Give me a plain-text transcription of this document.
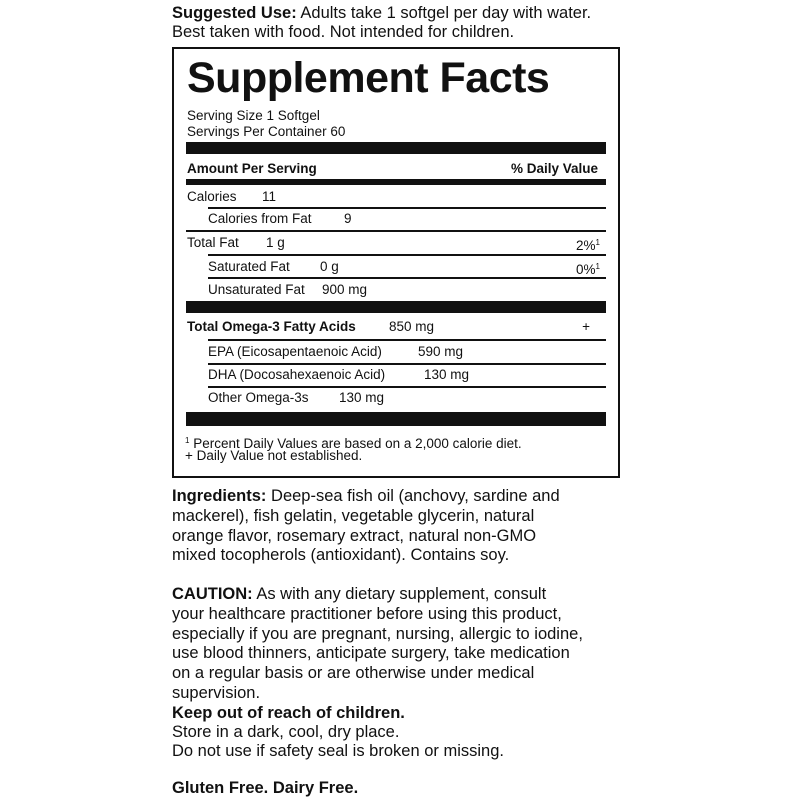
Suggested Use: Adults take 1 softgel per day with water.
Best taken with food. Not intended for children.
Supplement Facts
Serving Size 1 Softgel
Servings Per Container 60
Amount Per Serving	% Daily Value
Calories 11
Calories from Fat 9
Total Fat 1 g	2%$^1$
Saturated Fat 0 g	0%$^1$
Unsaturated Fat 900 mg
Total Omega-3 Fatty Acids 850 mg	+
EPA (Eicosapentaenoic Acid)	590 mg
DHA (Docosahexaenoic Acid)	130 mg
Other Omega-3s 130 mg
$^1$ Percent Daily Values are based on a 2,000 calorie diet.
+ Daily Value not established.
Ingredients: Deep-sea fish oil (anchovy, sardine and
mackerel), fish gelatin, vegetable glycerin, natural
orange flavor, rosemary extract, natural non-GMO
mixed tocopherols (antioxidant). Contains soy.
CAUTION: As with any dietary supplement, consult
your healthcare practitioner before using this product,
especially if you are pregnant, nursing, allergic to iodine,
use blood thinners, anticipate surgery, take medication
on a regular basis or are otherwise under medical
supervision.
Keep out of reach of children.
Store in a dark, cool, dry place.
Do not use if safety seal is broken or missing.
Gluten Free. Dairy Free.
